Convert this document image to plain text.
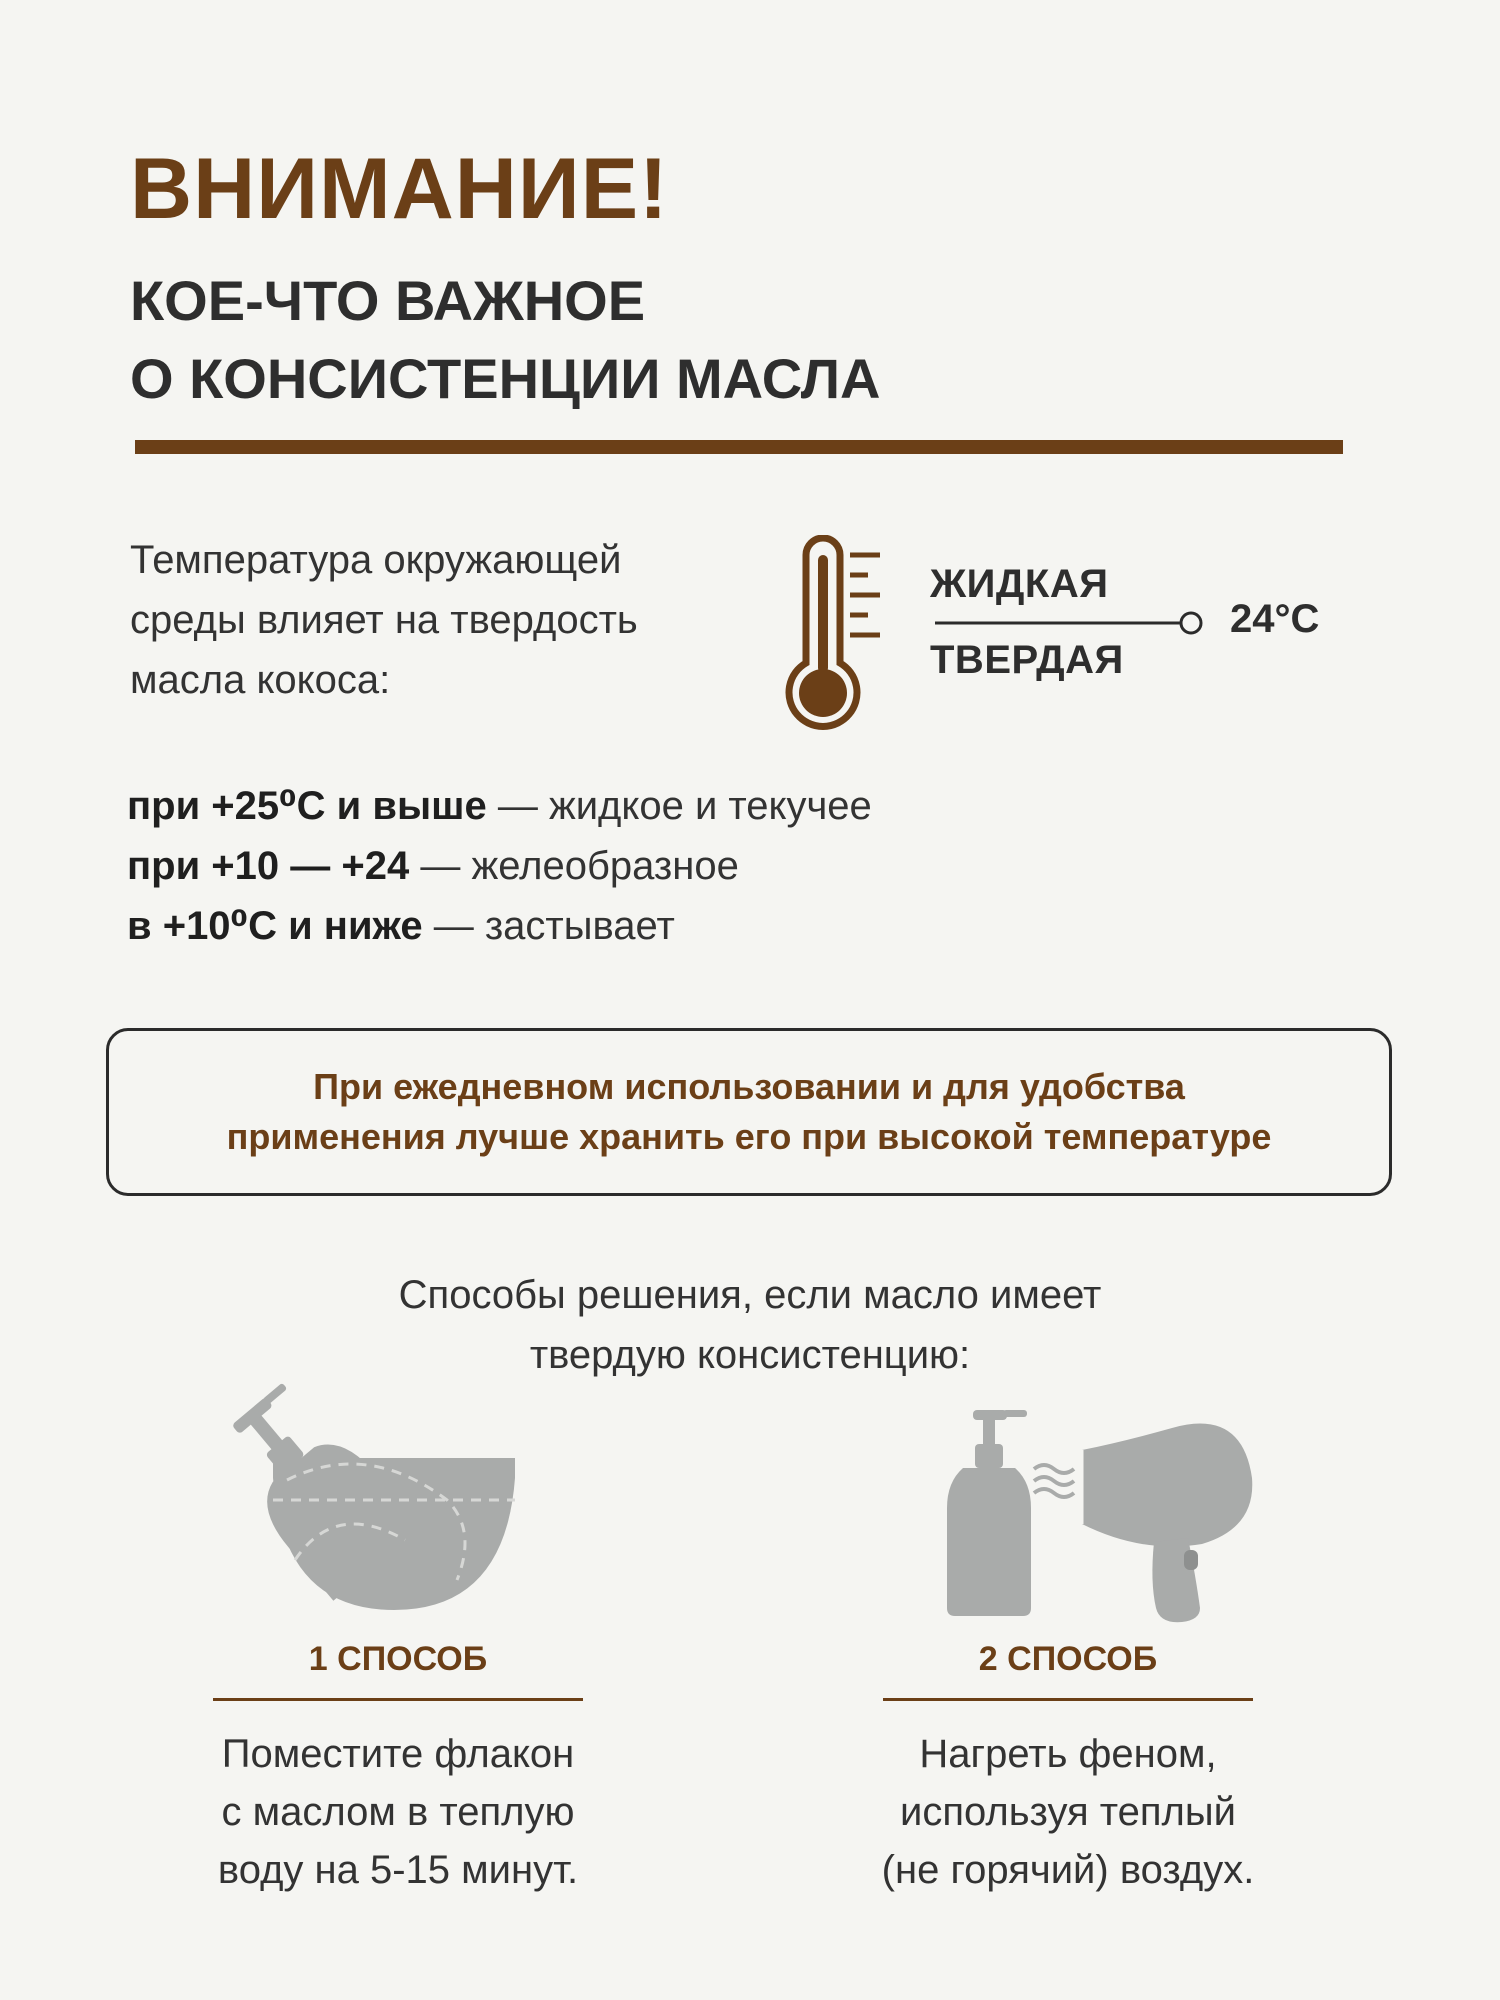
ВНИМАНИЕ!
КОЕ-ЧТО ВАЖНОЕ
О КОНСИСТЕНЦИИ МАСЛА
Температура окружающей
среды влияет на твердость
масла кокоса:
ЖИДКАЯ
24°C
ТВЕРДАЯ
при +25⁰С и выше — жидкое и текучее
при +10 — +24 — желеобразное
в +10⁰С и ниже — застывает
При ежедневном использовании и для удобства
применения лучше хранить его при высокой температуре
Способы решения, если масло имеет
твердую консистенцию:
1 СПОСОБ
Поместите флакон
с маслом в теплую
воду на 5-15 минут.
2 СПОСОБ
Нагреть феном,
используя теплый
(не горячий) воздух.
